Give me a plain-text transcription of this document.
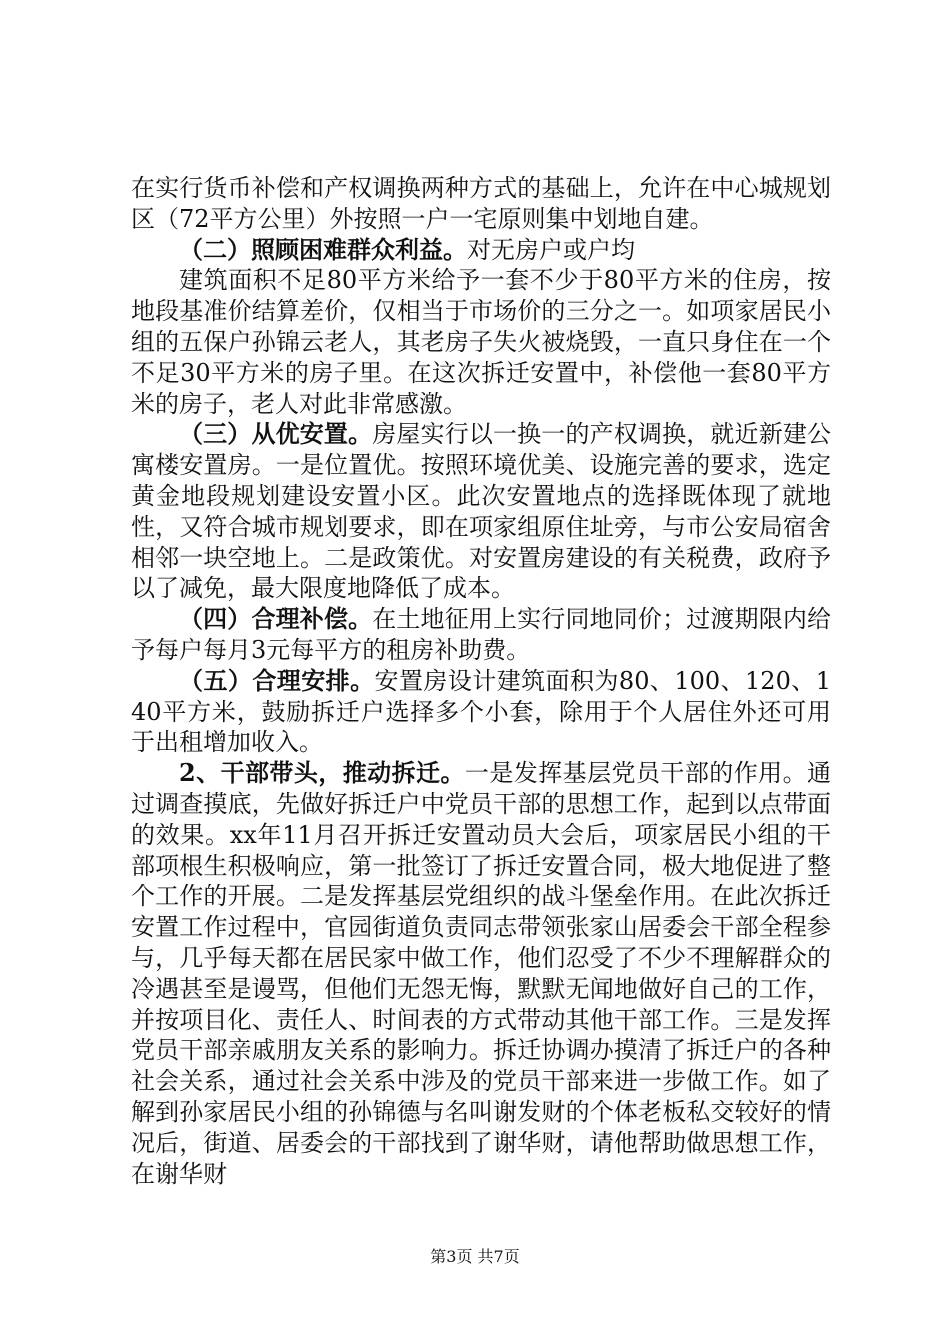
在实行货币补偿和产权调换两种方式的基础上，允许在中心城规划区（72平方公里）外按照一户一宅原则集中划地自建。

（二）照顾困难群众利益。对无房户或户均

建筑面积不足80平方米给予一套不少于80平方米的住房，按地段基准价结算差价，仅相当于市场价的三分之一。如项家居民小组的五保户孙锦云老人，其老房子失火被烧毁，一直只身住在一个不足30平方米的房子里。在这次拆迁安置中，补偿他一套80平方米的房子，老人对此非常感激。

（三）从优安置。房屋实行以一换一的产权调换，就近新建公寓楼安置房。一是位置优。按照环境优美、设施完善的要求，选定黄金地段规划建设安置小区。此次安置地点的选择既体现了就地性，又符合城市规划要求，即在项家组原住址旁，与市公安局宿舍相邻一块空地上。二是政策优。对安置房建设的有关税费，政府予以了减免，最大限度地降低了成本。

（四）合理补偿。在土地征用上实行同地同价；过渡期限内给予每户每月3元每平方的租房补助费。

（五）合理安排。安置房设计建筑面积为80、100、120、140平方米，鼓励拆迁户选择多个小套，除用于个人居住外还可用于出租增加收入。

2、干部带头，推动拆迁。一是发挥基层党员干部的作用。通过调查摸底，先做好拆迁户中党员干部的思想工作，起到以点带面的效果。xx年11月召开拆迁安置动员大会后，项家居民小组的干部项根生积极响应，第一批签订了拆迁安置合同，极大地促进了整个工作的开展。二是发挥基层党组织的战斗堡垒作用。在此次拆迁安置工作过程中，官园街道负责同志带领张家山居委会干部全程参与，几乎每天都在居民家中做工作，他们忍受了不少不理解群众的冷遇甚至是谩骂，但他们无怨无悔，默默无闻地做好自己的工作，并按项目化、责任人、时间表的方式带动其他干部工作。三是发挥党员干部亲戚朋友关系的影响力。拆迁协调办摸清了拆迁户的各种社会关系，通过社会关系中涉及的党员干部来进一步做工作。如了解到孙家居民小组的孙锦德与名叫谢发财的个体老板私交较好的情况后，街道、居委会的干部找到了谢华财，请他帮助做思想工作，在谢华财

第3页 共7页
